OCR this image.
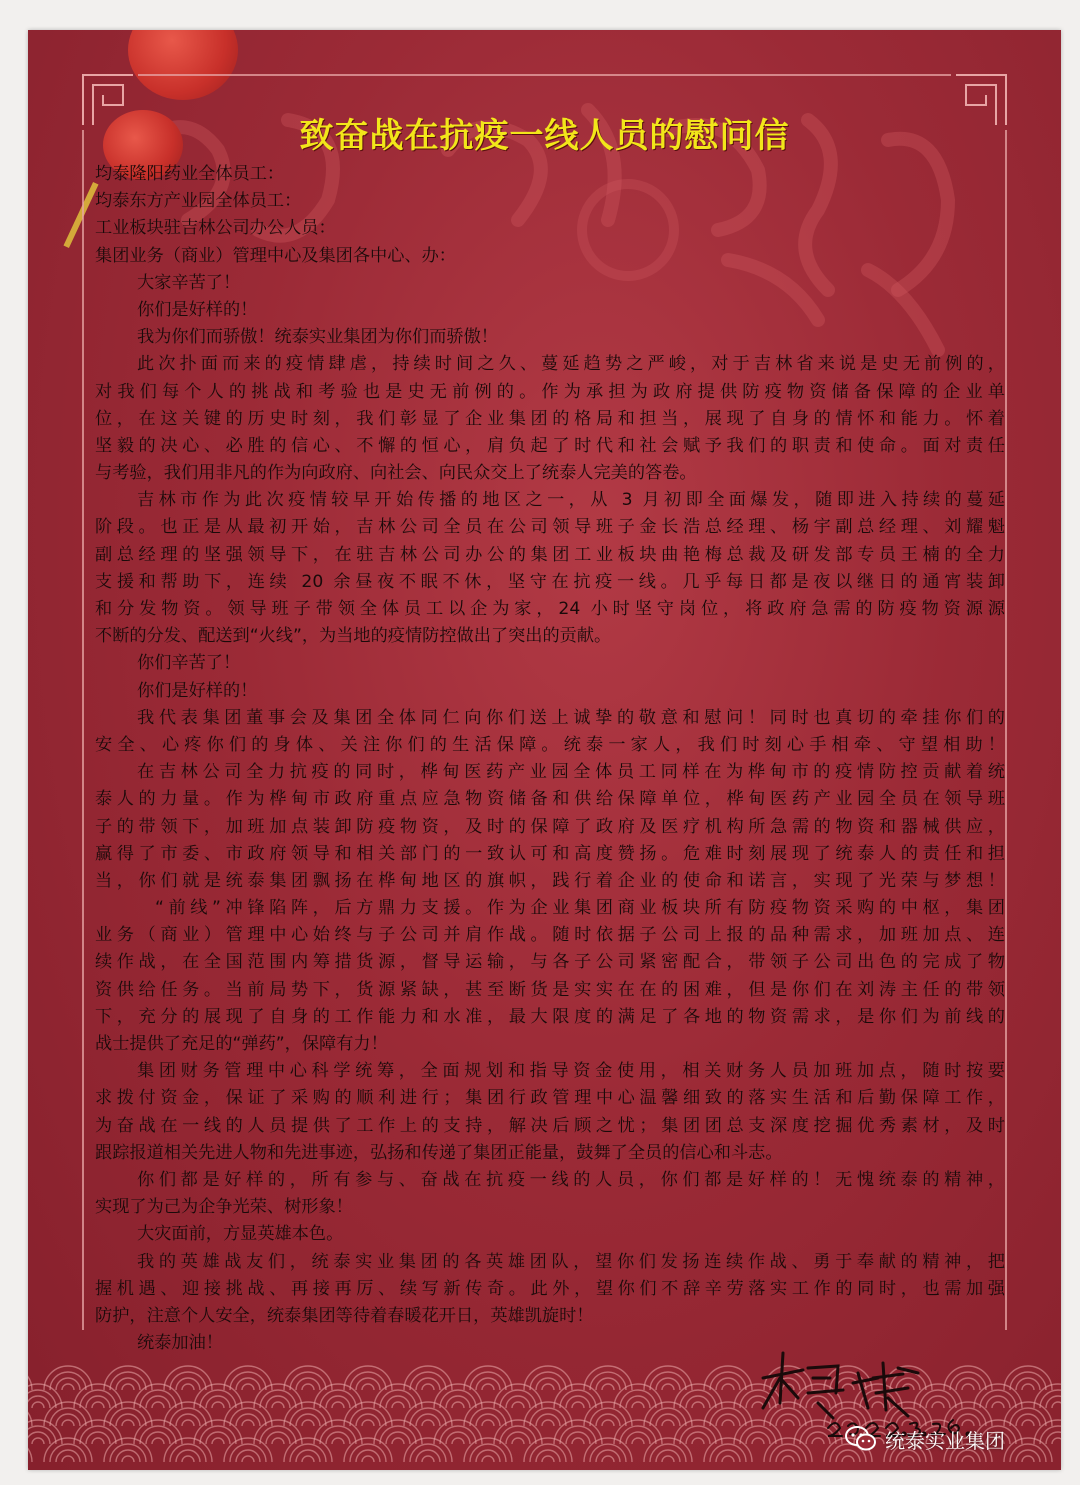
致奋战在抗疫一线人员的慰问信
均泰隆阳药业全体员工：
均泰东方产业园全体员工：
工业板块驻吉林公司办公人员：
集团业务（商业）管理中心及集团各中心、办：
大家辛苦了！
你们是好样的！
我为你们而骄傲！统泰实业集团为你们而骄傲！
此次扑面而来的疫情肆虐，持续时间之久、蔓延趋势之严峻，对于吉林省来说是史无前例的，
对我们每个人的挑战和考验也是史无前例的。作为承担为政府提供防疫物资储备保障的企业单
位，在这关键的历史时刻，我们彰显了企业集团的格局和担当，展现了自身的情怀和能力。怀着
坚毅的决心、必胜的信心、不懈的恒心，肩负起了时代和社会赋予我们的职责和使命。面对责任
与考验，我们用非凡的作为向政府、向社会、向民众交上了统泰人完美的答卷。
吉林市作为此次疫情较早开始传播的地区之一，从 3 月初即全面爆发，随即进入持续的蔓延
阶段。也正是从最初开始，吉林公司全员在公司领导班子金长浩总经理、杨宇副总经理、刘耀魁
副总经理的坚强领导下，在驻吉林公司办公的集团工业板块曲艳梅总裁及研发部专员王楠的全力
支援和帮助下，连续 20 余昼夜不眠不休，坚守在抗疫一线。几乎每日都是夜以继日的通宵装卸
和分发物资。领导班子带领全体员工以企为家，24 小时坚守岗位，将政府急需的防疫物资源源
不断的分发、配送到“火线”，为当地的疫情防控做出了突出的贡献。
你们辛苦了！
你们是好样的！
我代表集团董事会及集团全体同仁向你们送上诚挚的敬意和慰问！同时也真切的牵挂你们的
安全、心疼你们的身体、关注你们的生活保障。统泰一家人，我们时刻心手相牵、守望相助！
在吉林公司全力抗疫的同时，桦甸医药产业园全体员工同样在为桦甸市的疫情防控贡献着统
泰人的力量。作为桦甸市政府重点应急物资储备和供给保障单位，桦甸医药产业园全员在领导班
子的带领下，加班加点装卸防疫物资，及时的保障了政府及医疗机构所急需的物资和器械供应，
赢得了市委、市政府领导和相关部门的一致认可和高度赞扬。危难时刻展现了统泰人的责任和担
当，你们就是统泰集团飘扬在桦甸地区的旗帜，践行着企业的使命和诺言，实现了光荣与梦想！
“前线”冲锋陷阵，后方鼎力支援。作为企业集团商业板块所有防疫物资采购的中枢，集团
业务（商业）管理中心始终与子公司并肩作战。随时依据子公司上报的品种需求，加班加点、连
续作战，在全国范围内筹措货源，督导运输，与各子公司紧密配合，带领子公司出色的完成了物
资供给任务。当前局势下，货源紧缺，甚至断货是实实在在的困难，但是你们在刘涛主任的带领
下，充分的展现了自身的工作能力和水准，最大限度的满足了各地的物资需求，是你们为前线的
战士提供了充足的“弹药”，保障有力！
集团财务管理中心科学统筹，全面规划和指导资金使用，相关财务人员加班加点，随时按要
求拨付资金，保证了采购的顺利进行；集团行政管理中心温馨细致的落实生活和后勤保障工作，
为奋战在一线的人员提供了工作上的支持，解决后顾之忧；集团团总支深度挖掘优秀素材，及时
跟踪报道相关先进人物和先进事迹，弘扬和传递了集团正能量，鼓舞了全员的信心和斗志。
你们都是好样的，所有参与、奋战在抗疫一线的人员，你们都是好样的！无愧统泰的精神，
实现了为己为企争光荣、树形象！
大灾面前，方显英雄本色。
我的英雄战友们，统泰实业集团的各英雄团队，望你们发扬连续作战、勇于奉献的精神，把
握机遇、迎接挑战、再接再厉、续写新传奇。此外，望你们不辞辛劳落实工作的同时，也需加强
防护，注意个人安全，统泰集团等待着春暖花开日，英雄凯旋时！
统泰加油！
统泰实业集团
